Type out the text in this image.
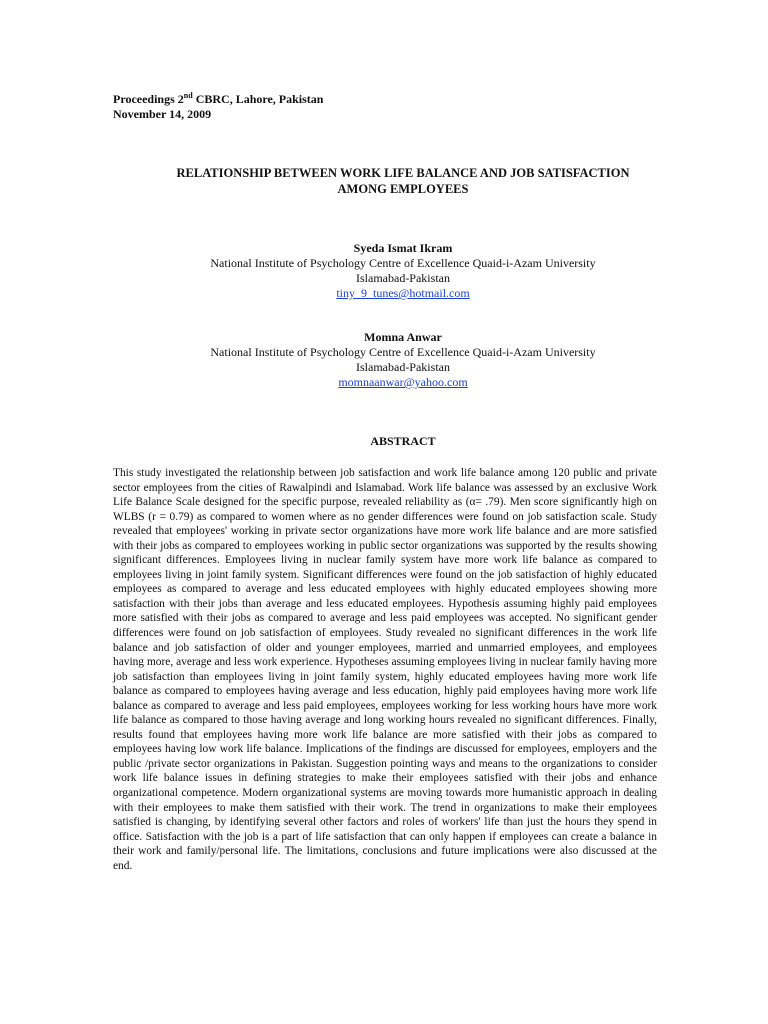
Proceedings 2nd CBRC, Lahore, Pakistan
November 14, 2009
RELATIONSHIP BETWEEN WORK LIFE BALANCE AND JOB SATISFACTION
AMONG EMPLOYEES
Syeda Ismat Ikram
National Institute of Psychology Centre of Excellence Quaid-i-Azam University
Islamabad-Pakistan
tiny_9_tunes@hotmail.com
Momna Anwar
National Institute of Psychology Centre of Excellence Quaid-i-Azam University
Islamabad-Pakistan
momnaanwar@yahoo.com
ABSTRACT

This study investigated the relationship between job satisfaction and work life balance among 120 public and private sector employees from the cities of Rawalpindi and Islamabad. Work life balance was assessed by an exclusive Work Life Balance Scale designed for the specific purpose, revealed reliability as (α= .79). Men score significantly high on WLBS (r = 0.79) as compared to women where as no gender differences were found on job satisfaction scale. Study revealed that employees' working in private sector organizations have more work life balance and are more satisfied with their jobs as compared to employees working in public sector organizations was supported by the results showing significant differences. Employees living in nuclear family system have more work life balance as compared to employees living in joint family system. Significant differences were found on the job satisfaction of highly educated employees as compared to average and less educated employees with highly educated employees showing more satisfaction with their jobs than average and less educated employees. Hypothesis assuming highly paid employees more satisfied with their jobs as compared to average and less paid employees was accepted. No significant gender differences were found on job satisfaction of employees. Study revealed no significant differences in the work life balance and job satisfaction of older and younger employees, married and unmarried employees, and employees having more, average and less work experience. Hypotheses assuming employees living in nuclear family having more job satisfaction than employees living in joint family system, highly educated employees having more work life balance as compared to employees having average and less education, highly paid employees having more work life balance as compared to average and less paid employees, employees working for less working hours have more work life balance as compared to those having average and long working hours revealed no significant differences. Finally, results found that employees having more work life balance are more satisfied with their jobs as compared to employees having low work life balance. Implications of the findings are discussed for employees, employers and the public /private sector organizations in Pakistan. Suggestion pointing ways and means to the organizations to consider work life balance issues in defining strategies to make their employees satisfied with their jobs and enhance organizational competence. Modern organizational systems are moving towards more humanistic approach in dealing with their employees to make them satisfied with their work. The trend in organizations to make their employees satisfied is changing, by identifying several other factors and roles of workers' life than just the hours they spend in office. Satisfaction with the job is a part of life satisfaction that can only happen if employees can create a balance in their work and family/personal life. The limitations, conclusions and future implications were also discussed at the end.
